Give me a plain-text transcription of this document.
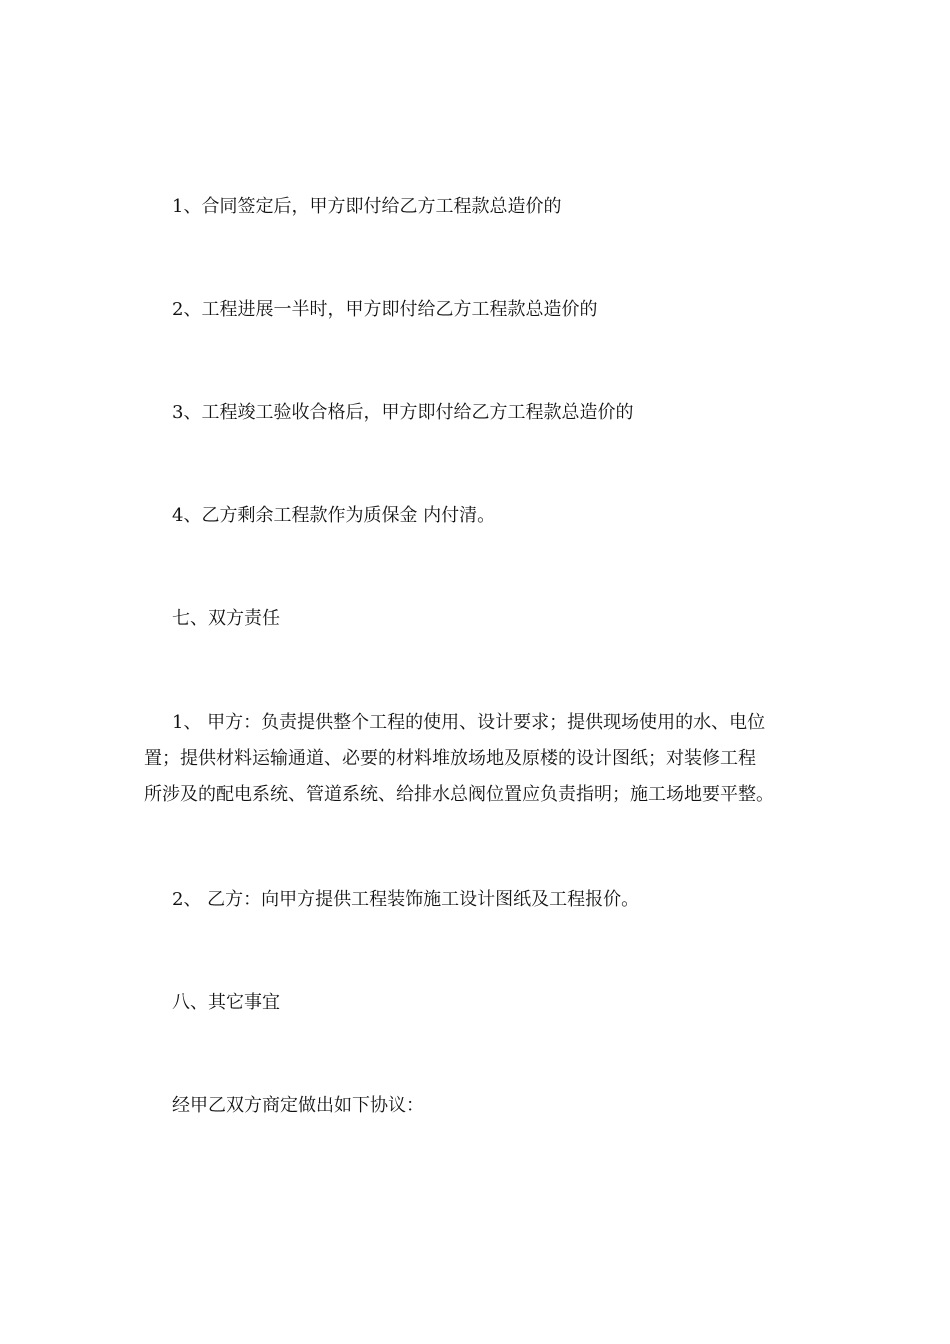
1、合同签定后，甲方即付给乙方工程款总造价的
2、工程进展一半时，甲方即付给乙方工程款总造价的
3、工程竣工验收合格后，甲方即付给乙方工程款总造价的
4、乙方剩余工程款作为质保金 内付清。
七、双方责任
1、 甲方：负责提供整个工程的使用、设计要求；提供现场使用的水、电位
置；提供材料运输通道、必要的材料堆放场地及原楼的设计图纸；对装修工程
所涉及的配电系统、管道系统、给排水总阀位置应负责指明；施工场地要平整。
2、 乙方：向甲方提供工程装饰施工设计图纸及工程报价。
八、其它事宜
经甲乙双方商定做出如下协议：
